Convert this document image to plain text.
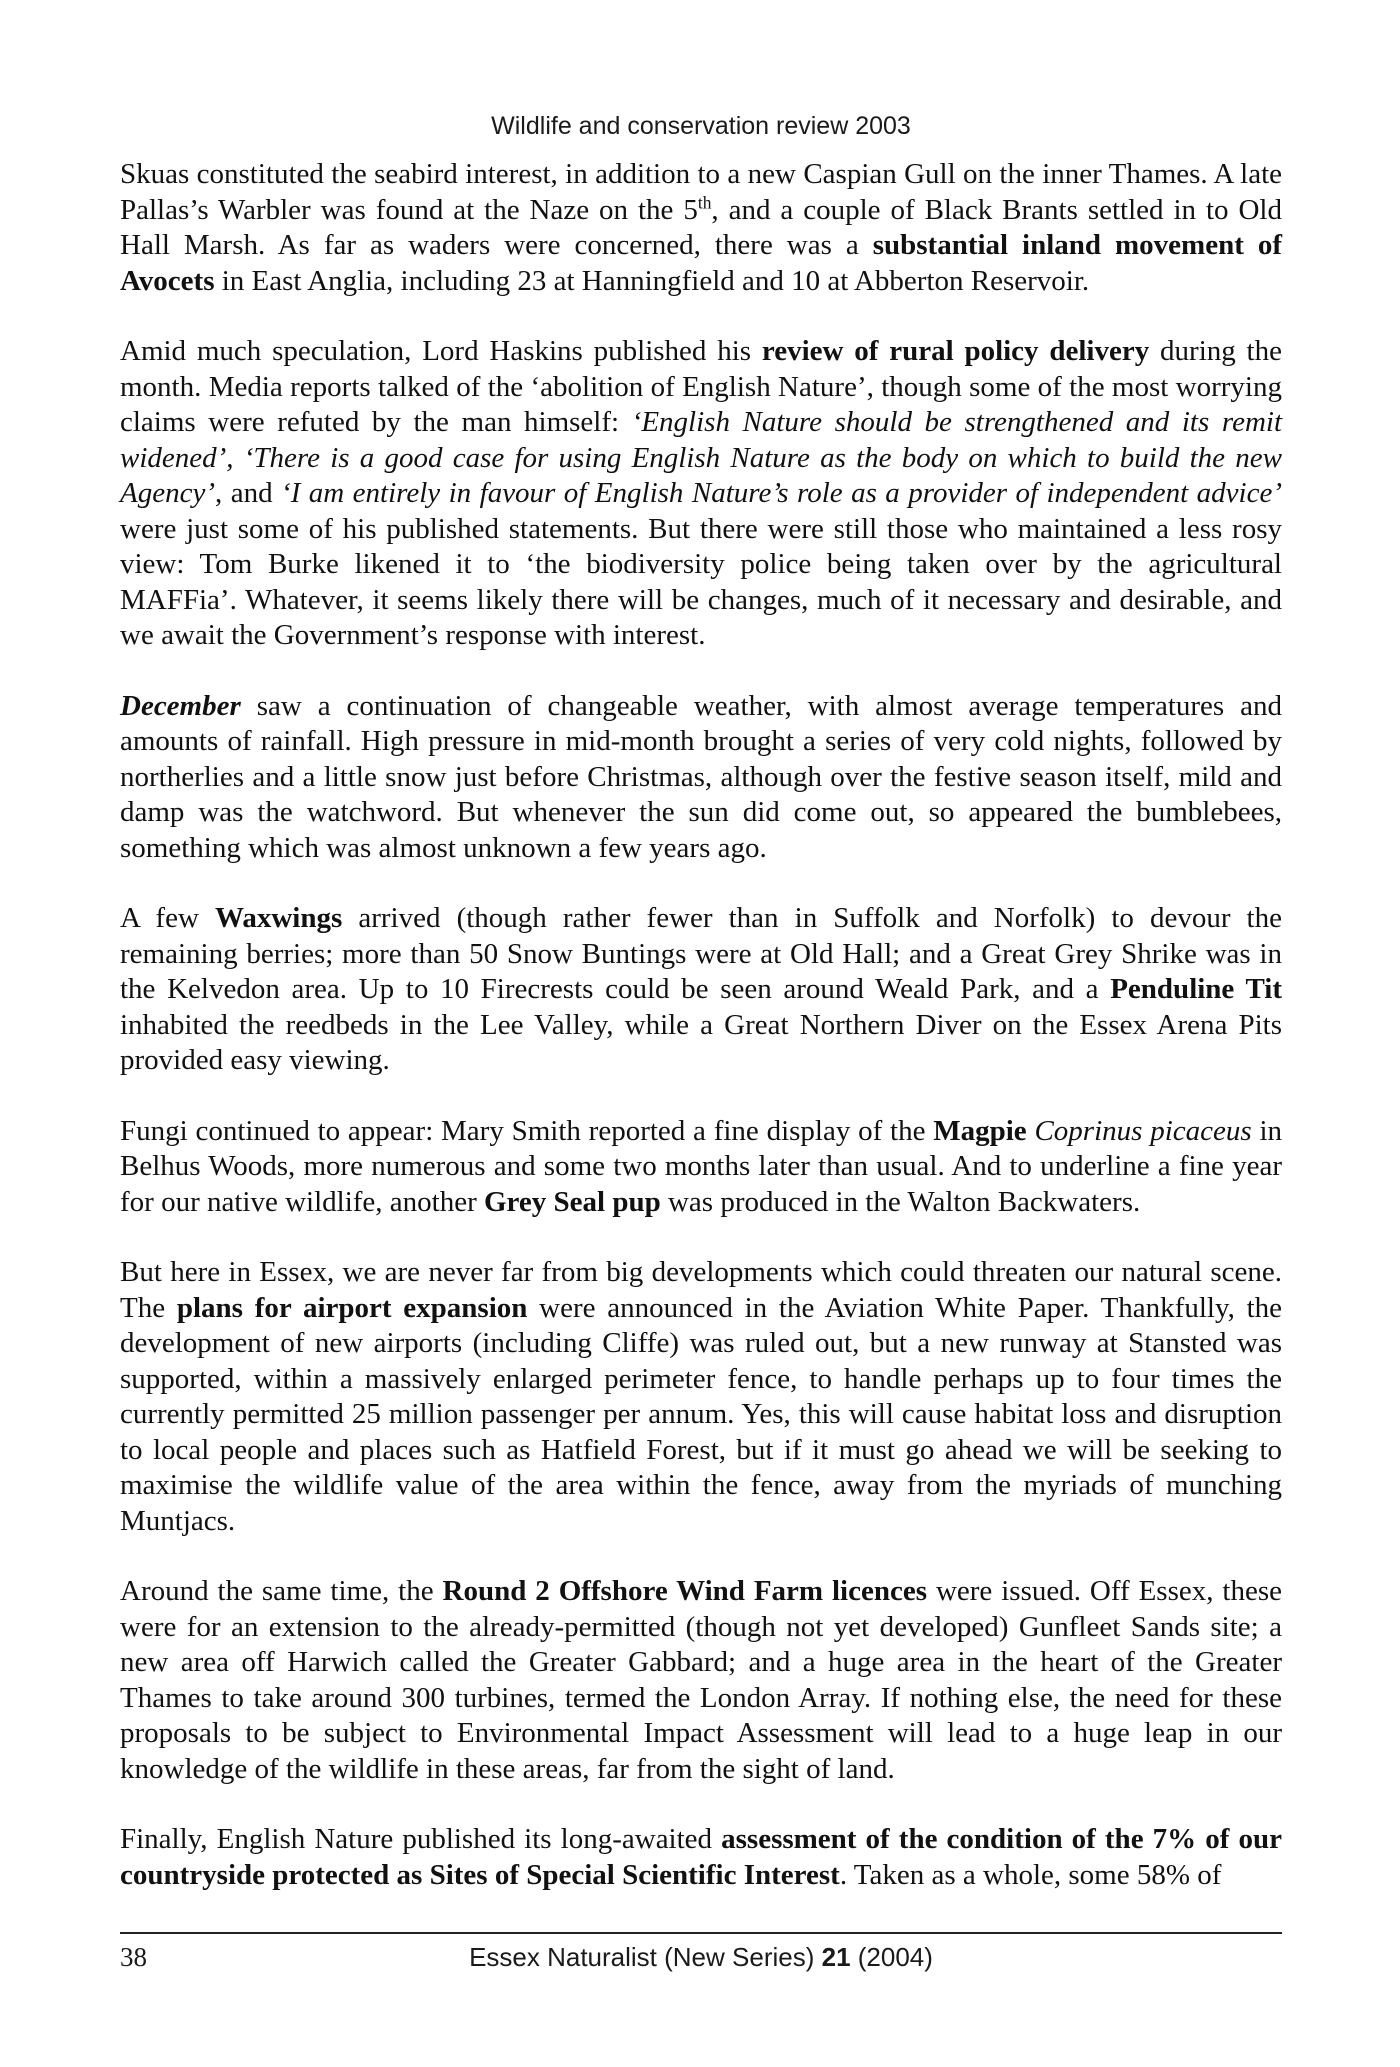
Wildlife and conservation review 2003

Skuas constituted the seabird interest, in addition to a new Caspian Gull on the inner Thames. A late Pallas’s Warbler was found at the Naze on the 5th, and a couple of Black Brants settled in to Old Hall Marsh. As far as waders were concerned, there was a substantial inland movement of Avocets in East Anglia, including 23 at Hanningfield and 10 at Abberton Reservoir.

Amid much speculation, Lord Haskins published his review of rural policy delivery during the month. Media reports talked of the ‘abolition of English Nature’, though some of the most worrying claims were refuted by the man himself: ‘English Nature should be strengthened and its remit widened’, ‘There is a good case for using English Nature as the body on which to build the new Agency’, and ‘I am entirely in favour of English Nature’s role as a provider of independent advice’ were just some of his published statements. But there were still those who maintained a less rosy view: Tom Burke likened it to ‘the biodiversity police being taken over by the agricultural MAFFia’. Whatever, it seems likely there will be changes, much of it necessary and desirable, and we await the Government’s response with interest.

December saw a continuation of changeable weather, with almost average temperatures and amounts of rainfall. High pressure in mid-month brought a series of very cold nights, followed by northerlies and a little snow just before Christmas, although over the festive season itself, mild and damp was the watchword. But whenever the sun did come out, so appeared the bumblebees, something which was almost unknown a few years ago.

A few Waxwings arrived (though rather fewer than in Suffolk and Norfolk) to devour the remaining berries; more than 50 Snow Buntings were at Old Hall; and a Great Grey Shrike was in the Kelvedon area. Up to 10 Firecrests could be seen around Weald Park, and a Penduline Tit inhabited the reedbeds in the Lee Valley, while a Great Northern Diver on the Essex Arena Pits provided easy viewing.

Fungi continued to appear: Mary Smith reported a fine display of the Magpie Coprinus picaceus in Belhus Woods, more numerous and some two months later than usual. And to underline a fine year for our native wildlife, another Grey Seal pup was produced in the Walton Backwaters.

But here in Essex, we are never far from big developments which could threaten our natural scene. The plans for airport expansion were announced in the Aviation White Paper. Thankfully, the development of new airports (including Cliffe) was ruled out, but a new runway at Stansted was supported, within a massively enlarged perimeter fence, to handle perhaps up to four times the currently permitted 25 million passenger per annum. Yes, this will cause habitat loss and disruption to local people and places such as Hatfield Forest, but if it must go ahead we will be seeking to maximise the wildlife value of the area within the fence, away from the myriads of munching Muntjacs.

Around the same time, the Round 2 Offshore Wind Farm licences were issued. Off Essex, these were for an extension to the already-permitted (though not yet developed) Gunfleet Sands site; a new area off Harwich called the Greater Gabbard; and a huge area in the heart of the Greater Thames to take around 300 turbines, termed the London Array. If nothing else, the need for these proposals to be subject to Environmental Impact Assessment will lead to a huge leap in our knowledge of the wildlife in these areas, far from the sight of land.

Finally, English Nature published its long-awaited assessment of the condition of the 7% of our countryside protected as Sites of Special Scientific Interest. Taken as a whole, some 58% of

38	Essex Naturalist (New Series) 21 (2004)
